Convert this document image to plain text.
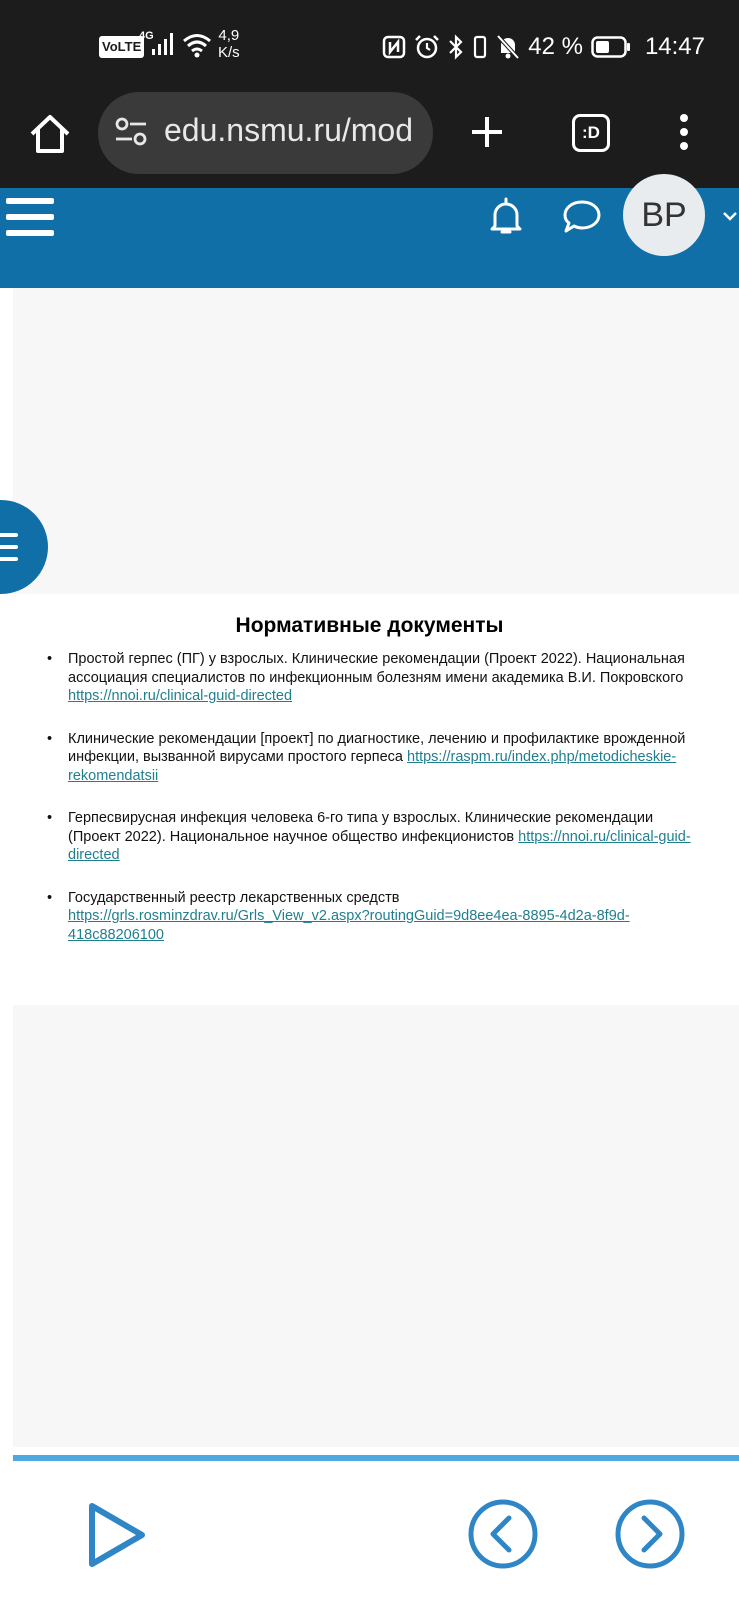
VoLTE
4G	4,9
K/s	42 %	14:47
edu.nsmu.ru/mod	:D
BP
Нормативные документы
• Простой герпес (ПГ) у взрослых. Клинические рекомендации (Проект 2022). Национальная ассоциация специалистов по инфекционным болезням имени академика В.И. Покровского https://nnoi.ru/clinical-guid-directed
• Клинические рекомендации [проект] по диагностике, лечению и профилактике врожденной инфекции, вызванной вирусами простого герпеса https://raspm.ru/index.php/metodicheskie-rekomendatsii
• Герпесвирусная инфекция человека 6-го типа у взрослых. Клинические рекомендации (Проект 2022). Национальное научное общество инфекционистов https://nnoi.ru/clinical-guid-directed
• Государственный реестр лекарственных средств https://grls.rosminzdrav.ru/Grls_View_v2.aspx?routingGuid=9d8ee4ea-8895-4d2a-8f9d-418c88206100
